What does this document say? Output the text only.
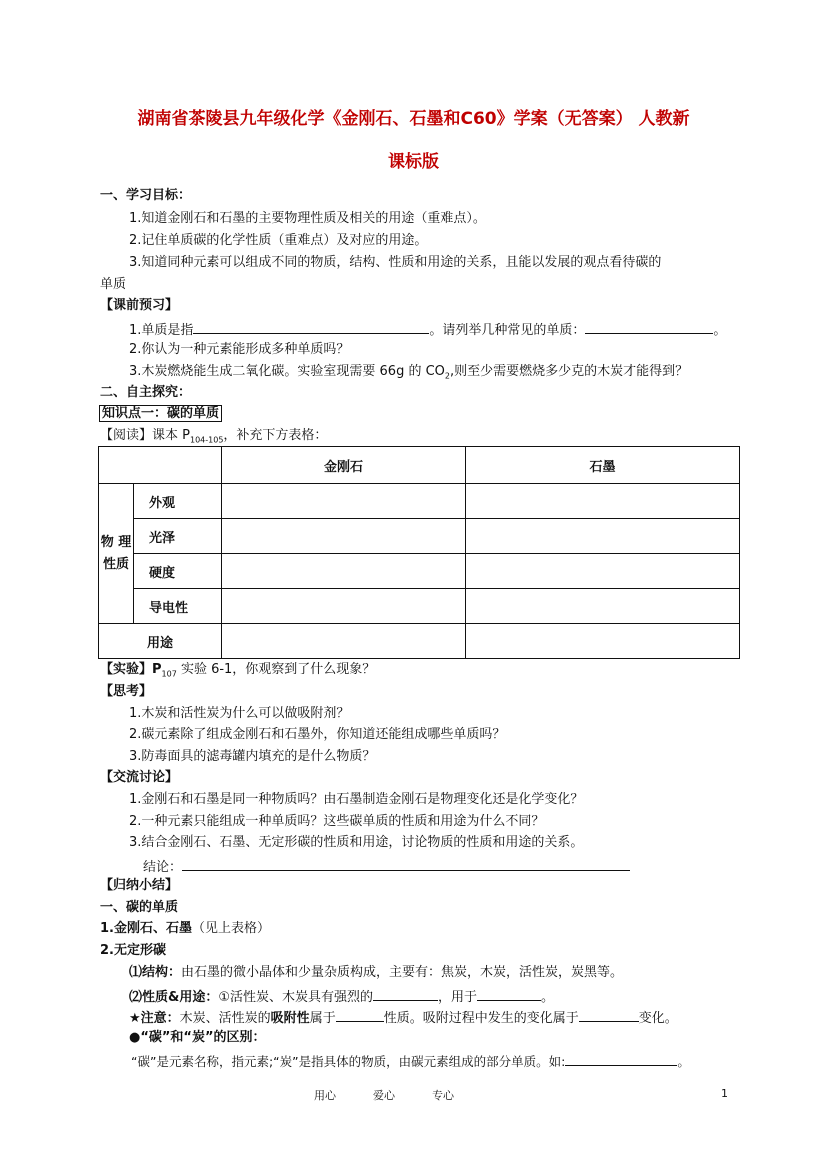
湖南省茶陵县九年级化学《金刚石、石墨和C60》学案（无答案） 人教新
课标版
一、学习目标：
1.知道金刚石和石墨的主要物理性质及相关的用途（重难点）。
2.记住单质碳的化学性质（重难点）及对应的用途。
3.知道同种元素可以组成不同的物质，结构、性质和用途的关系，且能以发展的观点看待碳的
单质
【课前预习】
1.单质是指	。请列举几种常见的单质：	。
2.你认为一种元素能形成多种单质吗？
3.木炭燃烧能生成二氧化碳。实验室现需要 66g 的 $CO_2$,则至少需要燃烧多少克的木炭才能得到？
二、自主探究：
知识点一：碳的单质
【阅读】课本 $P_{104-105}$，补充下方表格：
		金刚石	石墨

物 理
性质	外观		
	光泽		
	硬度		
	导电性		
用途			
【实验】$P_{107}$ 实验 6-1，你观察到了什么现象？
【思考】
1.木炭和活性炭为什么可以做吸附剂？
2.碳元素除了组成金刚石和石墨外，你知道还能组成哪些单质吗？
3.防毒面具的滤毒罐内填充的是什么物质？
【交流讨论】
1.金刚石和石墨是同一种物质吗？由石墨制造金刚石是物理变化还是化学变化？
2.一种元素只能组成一种单质吗？这些碳单质的性质和用途为什么不同？
3.结合金刚石、石墨、无定形碳的性质和用途，讨论物质的性质和用途的关系。
结论：
【归纳小结】
一、碳的单质
1.金刚石、石墨（见上表格）
2.无定形碳
⑴结构：由石墨的微小晶体和少量杂质构成，主要有：焦炭，木炭，活性炭，炭黑等。
⑵性质&用途：①活性炭、木炭具有强烈的	，用于	。
★注意：木炭、活性炭的吸附性属于	性质。吸附过程中发生的变化属于	变化。
●“碳”和“炭”的区别：
“碳”是元素名称，指元素;“炭”是指具体的物质，由碳元素组成的部分单质。如:	。
用心	爱心	专心	1
